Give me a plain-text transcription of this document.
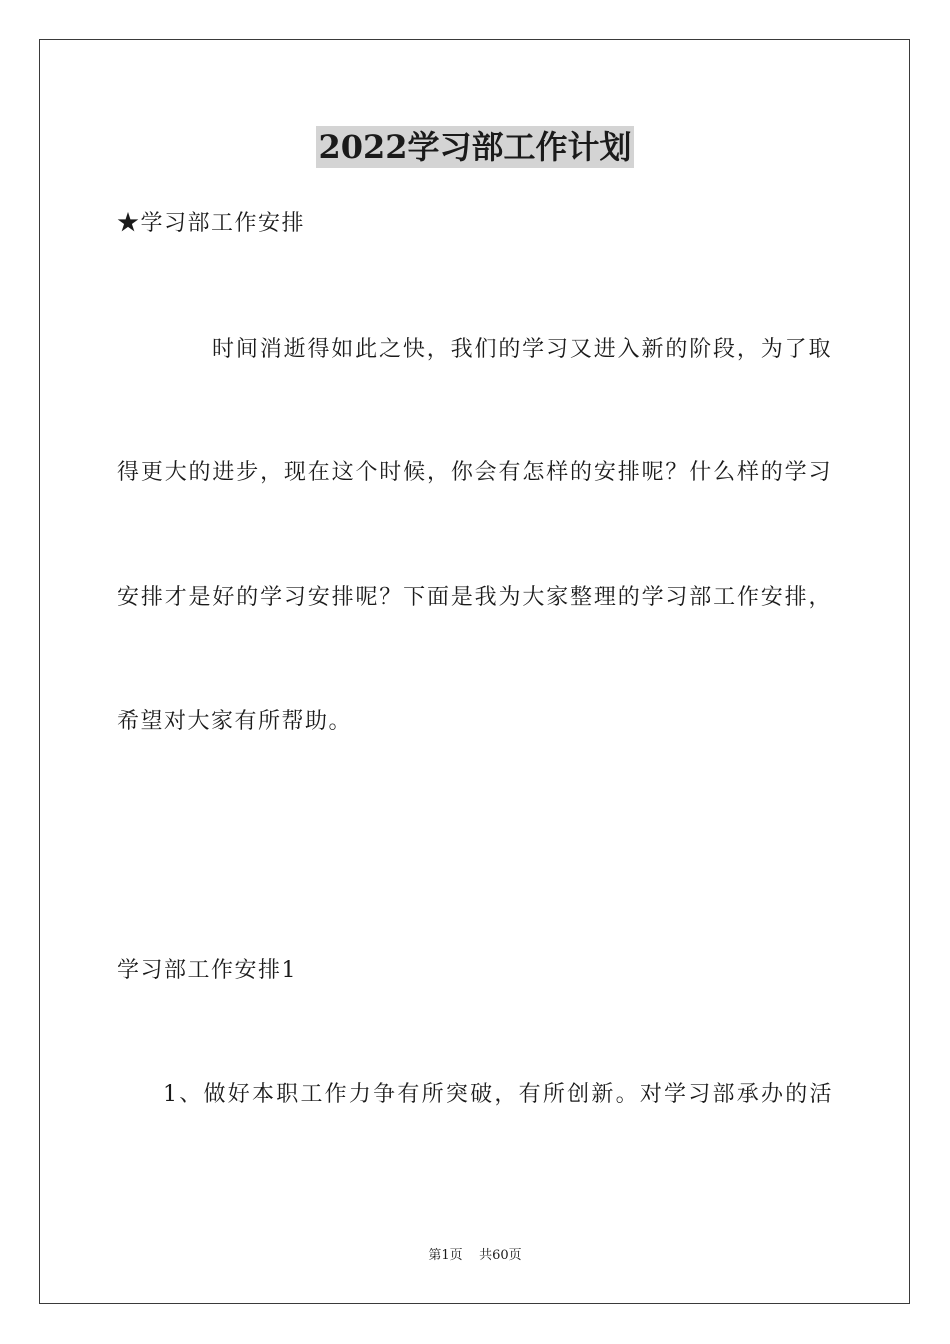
2022学习部工作计划
★学习部工作安排
时间消逝得如此之快，我们的学习又进入新的阶段，为了取
得更大的进步，现在这个时候，你会有怎样的安排呢？什么样的学习
安排才是好的学习安排呢？下面是我为大家整理的学习部工作安排，
希望对大家有所帮助。
学习部工作安排1
1、做好本职工作力争有所突破，有所创新。对学习部承办的活
第1页 共60页
